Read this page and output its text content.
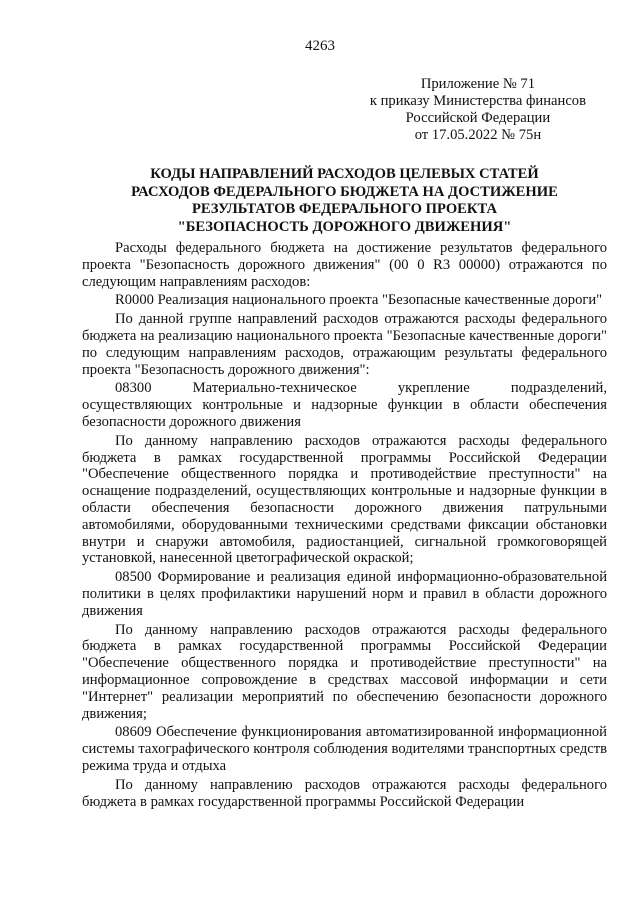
4263
Приложение № 71
к приказу Министерства финансов
Российской Федерации
от 17.05.2022 № 75н
КОДЫ НАПРАВЛЕНИЙ РАСХОДОВ ЦЕЛЕВЫХ СТАТЕЙ
РАСХОДОВ ФЕДЕРАЛЬНОГО БЮДЖЕТА НА ДОСТИЖЕНИЕ
РЕЗУЛЬТАТОВ ФЕДЕРАЛЬНОГО ПРОЕКТА
"БЕЗОПАСНОСТЬ ДОРОЖНОГО ДВИЖЕНИЯ"

Расходы федерального бюджета на достижение результатов федерального проекта "Безопасность дорожного движения" (00 0 R3 00000) отражаются по следующим направлениям расходов:

R0000 Реализация национального проекта "Безопасные качественные дороги"

По данной группе направлений расходов отражаются расходы федерального бюджета на реализацию национального проекта "Безопасные качественные дороги" по следующим направлениям расходов, отражающим результаты федерального проекта "Безопасность дорожного движения":

08300 Материально-техническое укрепление подразделений, осуществляющих контрольные и надзорные функции в области обеспечения безопасности дорожного движения

По данному направлению расходов отражаются расходы федерального бюджета в рамках государственной программы Российской Федерации "Обеспечение общественного порядка и противодействие преступности" на оснащение подразделений, осуществляющих контрольные и надзорные функции в области обеспечения безопасности дорожного движения патрульными автомобилями, оборудованными техническими средствами фиксации обстановки внутри и снаружи автомобиля, радиостанцией, сигнальной громкоговорящей установкой, нанесенной цветографической окраской;

08500 Формирование и реализация единой информационно-образовательной политики в целях профилактики нарушений норм и правил в области дорожного движения

По данному направлению расходов отражаются расходы федерального бюджета в рамках государственной программы Российской Федерации "Обеспечение общественного порядка и противодействие преступности" на информационное сопровождение в средствах массовой информации и сети "Интернет" реализации мероприятий по обеспечению безопасности дорожного движения;

08609 Обеспечение функционирования автоматизированной информационной системы тахографического контроля соблюдения водителями транспортных средств режима труда и отдыха

По данному направлению расходов отражаются расходы федерального бюджета в рамках государственной программы Российской Федерации
